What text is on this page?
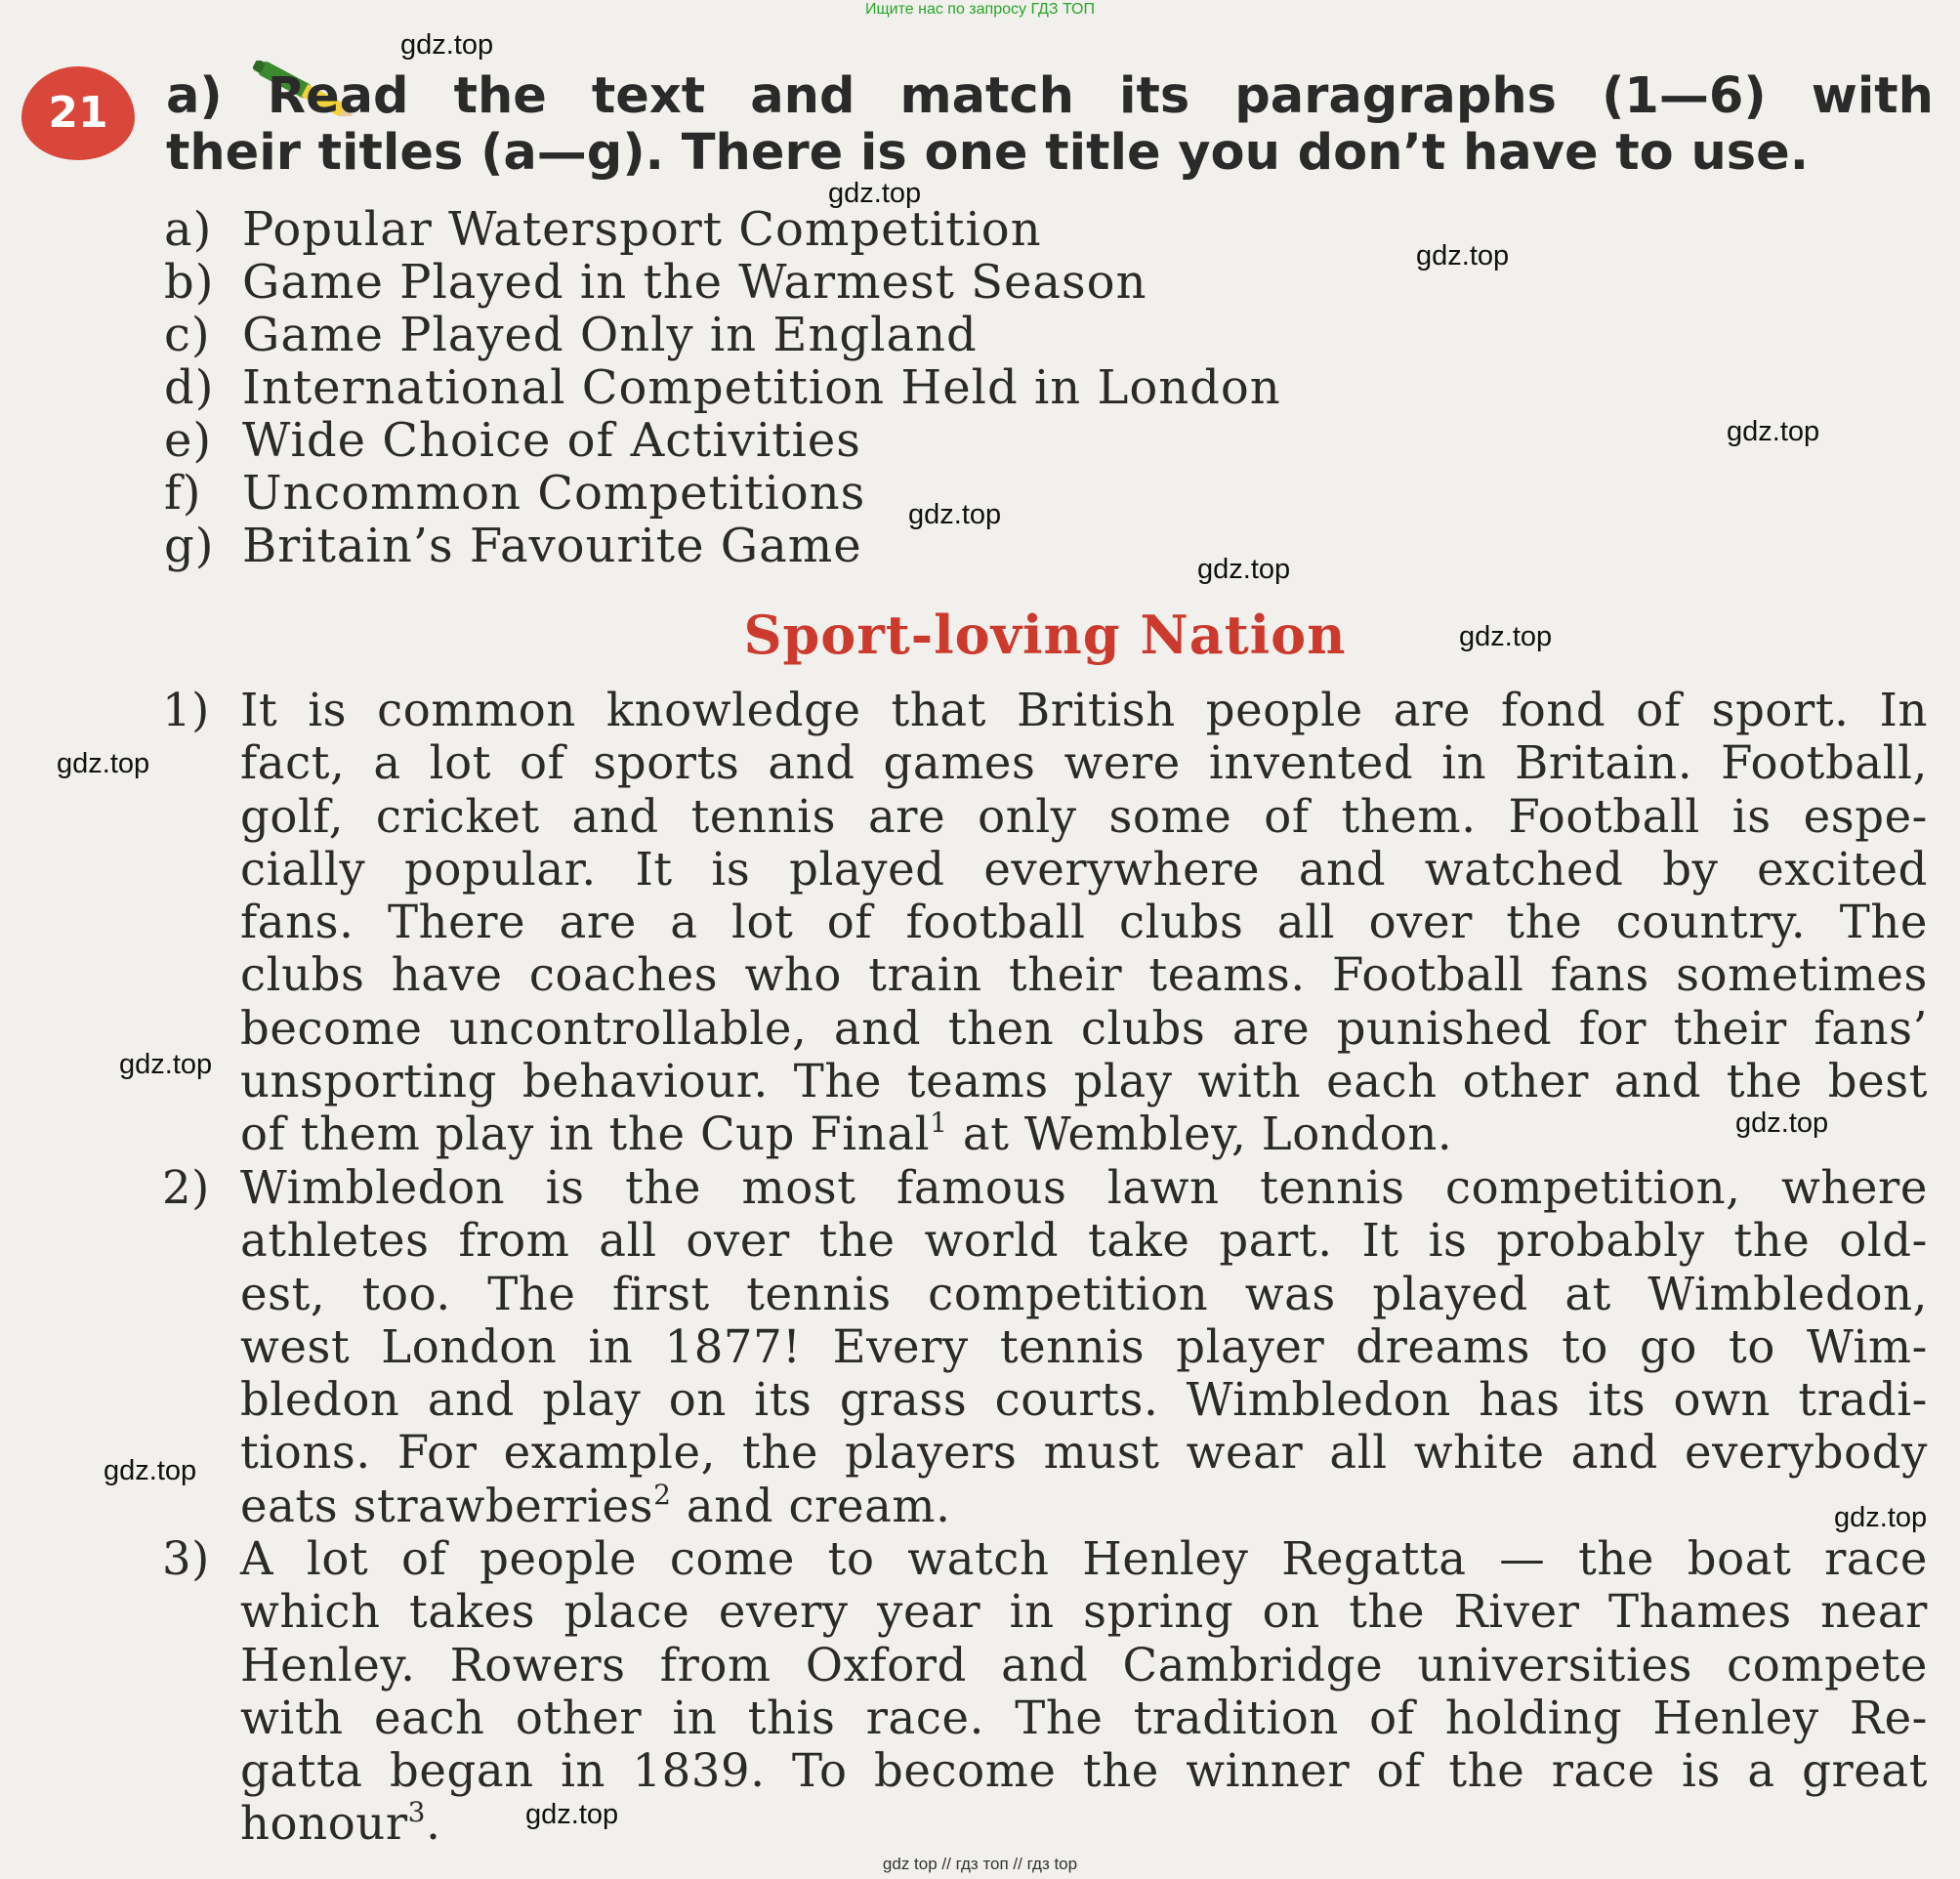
Ищите нас по запросу ГДЗ ТОП
21	a) Read the text and match its paragraphs (1—6) with
their titles (a—g). There is one title you don’t have to use.
a) Popular Watersport Competition
b) Game Played in the Warmest Season
c) Game Played Only in England
d) International Competition Held in London
e) Wide Choice of Activities
f) Uncommon Competitions
g) Britain’s Favourite Game
Sport-loving Nation
1) It is common knowledge that British people are fond of sport. In
fact, a lot of sports and games were invented in Britain. Football,
golf, cricket and tennis are only some of them. Football is espe-
cially popular. It is played everywhere and watched by excited
fans. There are a lot of football clubs all over the country. The
clubs have coaches who train their teams. Football fans sometimes
become uncontrollable, and then clubs are punished for their fans’
unsporting behaviour. The teams play with each other and the best
of them play in the Cup Final$^1$ at Wembley, London.
2) Wimbledon is the most famous lawn tennis competition, where
athletes from all over the world take part. It is probably the old-
est, too. The first tennis competition was played at Wimbledon,
west London in 1877! Every tennis player dreams to go to Wim-
bledon and play on its grass courts. Wimbledon has its own tradi-
tions. For example, the players must wear all white and everybody
eats strawberries$^2$ and cream.
3) A lot of people come to watch Henley Regatta — the boat race
which takes place every year in spring on the River Thames near
Henley. Rowers from Oxford and Cambridge universities compete
with each other in this race. The tradition of holding Henley Re-
gatta began in 1839. To become the winner of the race is a great
honour$^3$.
gdz.top
gdz.top
gdz.top
gdz.top
gdz.top
gdz.top
gdz.top
gdz.top
gdz.top
gdz.top
gdz.top
gdz.top
gdz.top
gdz top // гдз топ // гдз top
